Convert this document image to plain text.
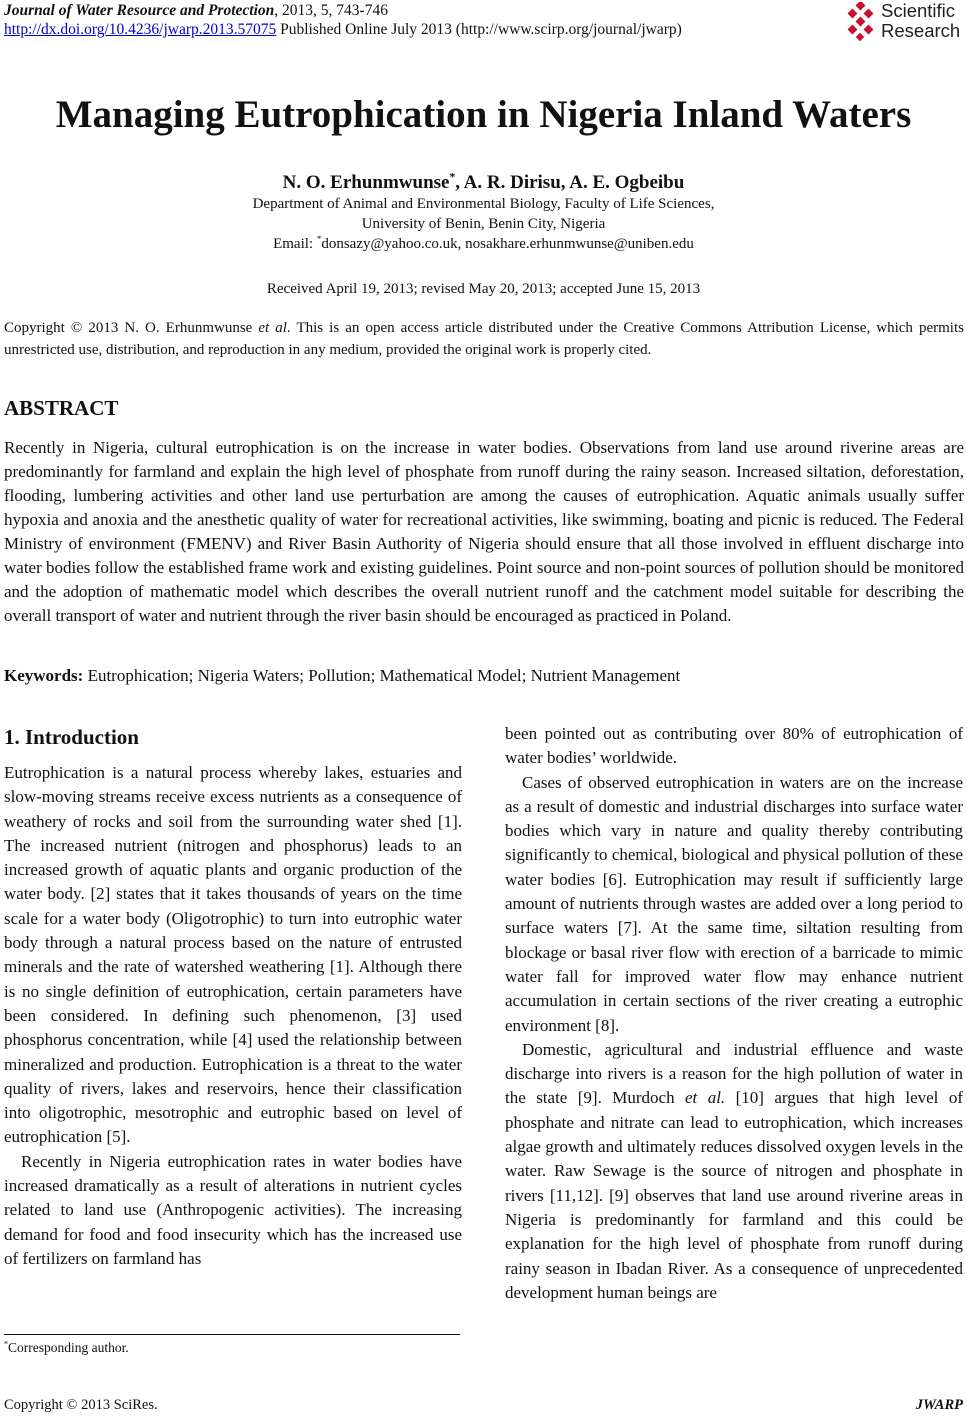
Journal of Water Resource and Protection, 2013, 5, 743-746
http://dx.doi.org/10.4236/jwarp.2013.57075 Published Online July 2013 (http://www.scirp.org/journal/jwarp)
Scientific
Research
Managing Eutrophication in Nigeria Inland Waters
N. O. Erhunmwunse*, A. R. Dirisu, A. E. Ogbeibu
Department of Animal and Environmental Biology, Faculty of Life Sciences,
University of Benin, Benin City, Nigeria
Email: *donsazy@yahoo.co.uk, nosakhare.erhunmwunse@uniben.edu
Received April 19, 2013; revised May 20, 2013; accepted June 15, 2013
Copyright © 2013 N. O. Erhunmwunse et al. This is an open access article distributed under the Creative Commons Attribution License, which permits unrestricted use, distribution, and reproduction in any medium, provided the original work is properly cited.
ABSTRACT
Recently in Nigeria, cultural eutrophication is on the increase in water bodies. Observations from land use around riverine areas are predominantly for farmland and explain the high level of phosphate from runoff during the rainy season. Increased siltation, deforestation, flooding, lumbering activities and other land use perturbation are among the causes of eutrophication. Aquatic animals usually suffer hypoxia and anoxia and the anesthetic quality of water for recreational activities, like swimming, boating and picnic is reduced. The Federal Ministry of environment (FMENV) and River Basin Authority of Nigeria should ensure that all those involved in effluent discharge into water bodies follow the established frame work and existing guidelines. Point source and non-point sources of pollution should be monitored and the adoption of mathematic model which describes the overall nutrient runoff and the catchment model suitable for describing the overall transport of water and nutrient through the river basin should be encouraged as practiced in Poland.
Keywords: Eutrophication; Nigeria Waters; Pollution; Mathematical Model; Nutrient Management
1. Introduction

Eutrophication is a natural process whereby lakes, estuaries and slow-moving streams receive excess nutrients as a consequence of weathery of rocks and soil from the surrounding water shed [1]. The increased nutrient (nitrogen and phosphorus) leads to an increased growth of aquatic plants and organic production of the water body. [2] states that it takes thousands of years on the time scale for a water body (Oligotrophic) to turn into eutrophic water body through a natural process based on the nature of entrusted minerals and the rate of watershed weathering [1]. Although there is no single definition of eutrophication, certain parameters have been considered. In defining such phenomenon, [3] used phosphorus concentration, while [4] used the relationship between mineralized and production. Eutrophication is a threat to the water quality of rivers, lakes and reservoirs, hence their classification into oligotrophic, mesotrophic and eutrophic based on level of eutrophication [5].

Recently in Nigeria eutrophication rates in water bodies have increased dramatically as a result of alterations in nutrient cycles related to land use (Anthropogenic activities). The increasing demand for food and food insecurity which has the increased use of fertilizers on farmland has

been pointed out as contributing over 80% of eutrophication of water bodies’ worldwide.

Cases of observed eutrophication in waters are on the increase as a result of domestic and industrial discharges into surface water bodies which vary in nature and quality thereby contributing significantly to chemical, biological and physical pollution of these water bodies [6]. Eutrophication may result if sufficiently large amount of nutrients through wastes are added over a long period to surface waters [7]. At the same time, siltation resulting from blockage or basal river flow with erection of a barricade to mimic water fall for improved water flow may enhance nutrient accumulation in certain sections of the river creating a eutrophic environment [8].

Domestic, agricultural and industrial effluence and waste discharge into rivers is a reason for the high pollution of water in the state [9]. Murdoch et al. [10] argues that high level of phosphate and nitrate can lead to eutrophication, which increases algae growth and ultimately reduces dissolved oxygen levels in the water. Raw Sewage is the source of nitrogen and phosphate in rivers [11,12]. [9] observes that land use around riverine areas in Nigeria is predominantly for farmland and this could be explanation for the high level of phosphate from runoff during rainy season in Ibadan River. As a consequence of unprecedented development human beings are

*Corresponding author.
Copyright © 2013 SciRes.	JWARP
